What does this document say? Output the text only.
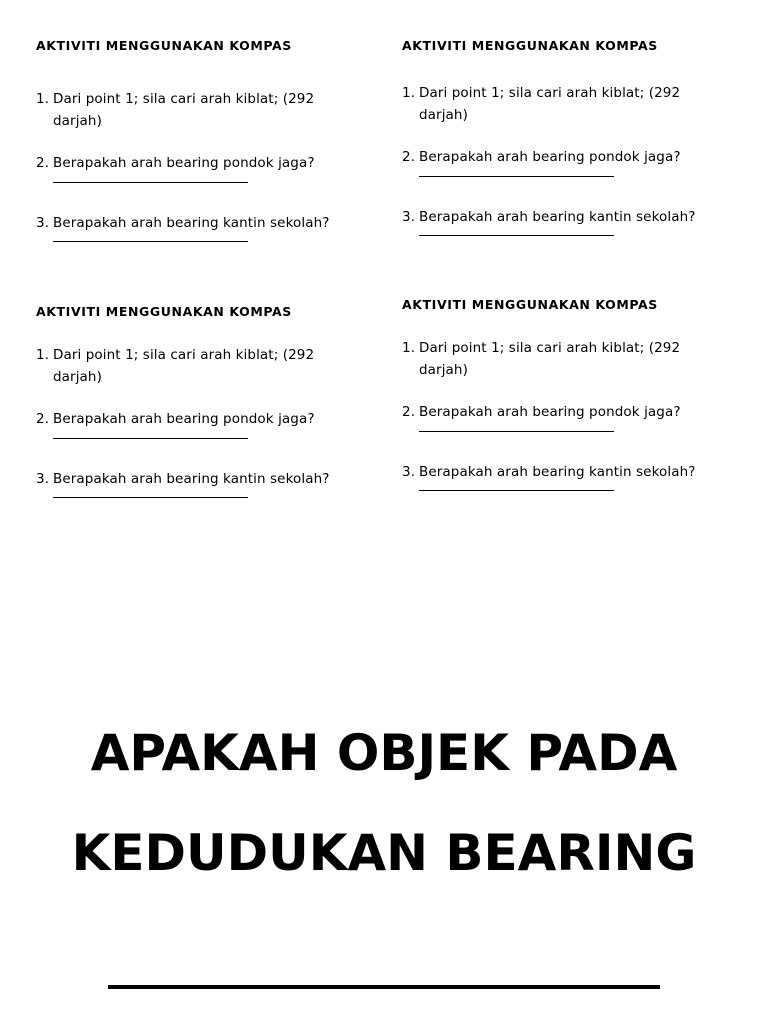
AKTIVITI MENGGUNAKAN KOMPAS
1. Dari point 1; sila cari arah kiblat; (292 darjah)
2. Berapakah arah bearing pondok jaga?
3. Berapakah arah bearing kantin sekolah?
AKTIVITI MENGGUNAKAN KOMPAS
1. Dari point 1; sila cari arah kiblat; (292 darjah)
2. Berapakah arah bearing pondok jaga?
3. Berapakah arah bearing kantin sekolah?
AKTIVITI MENGGUNAKAN KOMPAS
1. Dari point 1; sila cari arah kiblat; (292 darjah)
2. Berapakah arah bearing pondok jaga?
3. Berapakah arah bearing kantin sekolah?
AKTIVITI MENGGUNAKAN KOMPAS
1. Dari point 1; sila cari arah kiblat; (292 darjah)
2. Berapakah arah bearing pondok jaga?
3. Berapakah arah bearing kantin sekolah?
APAKAH OBJEK PADA
KEDUDUKAN BEARING
